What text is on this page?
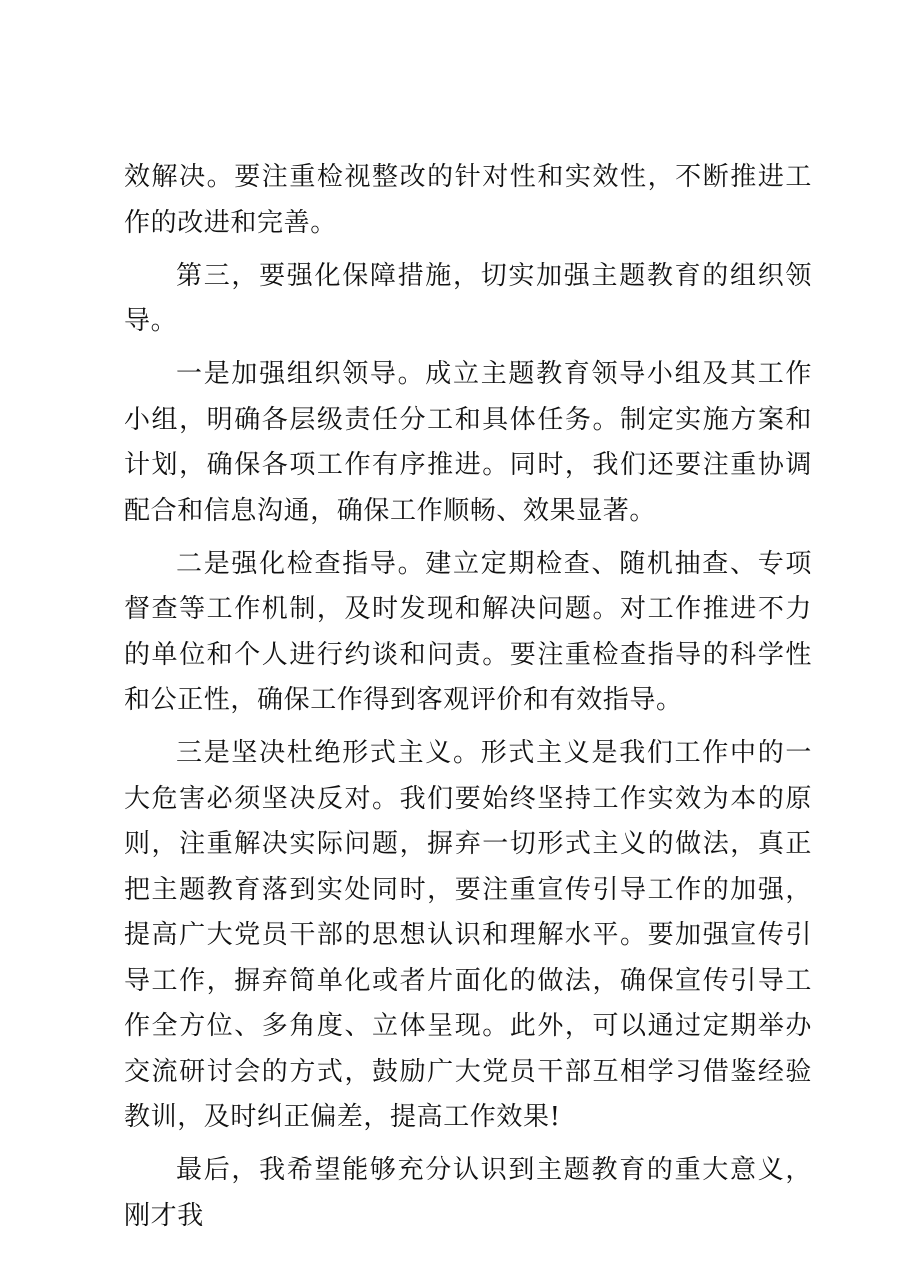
效解决。要注重检视整改的针对性和实效性，不断推进工作的改进和完善。

第三，要强化保障措施，切实加强主题教育的组织领导。

一是加强组织领导。成立主题教育领导小组及其工作小组，明确各层级责任分工和具体任务。制定实施方案和计划，确保各项工作有序推进。同时，我们还要注重协调配合和信息沟通，确保工作顺畅、效果显著。

二是强化检查指导。建立定期检查、随机抽查、专项督查等工作机制，及时发现和解决问题。对工作推进不力的单位和个人进行约谈和问责。要注重检查指导的科学性和公正性，确保工作得到客观评价和有效指导。

三是坚决杜绝形式主义。形式主义是我们工作中的一大危害必须坚决反对。我们要始终坚持工作实效为本的原则，注重解决实际问题，摒弃一切形式主义的做法，真正把主题教育落到实处同时，要注重宣传引导工作的加强，提高广大党员干部的思想认识和理解水平。要加强宣传引导工作，摒弃简单化或者片面化的做法，确保宣传引导工作全方位、多角度、立体呈现。此外，可以通过定期举办交流研讨会的方式，鼓励广大党员干部互相学习借鉴经验教训，及时纠正偏差，提高工作效果!

最后，我希望能够充分认识到主题教育的重大意义，刚才我
